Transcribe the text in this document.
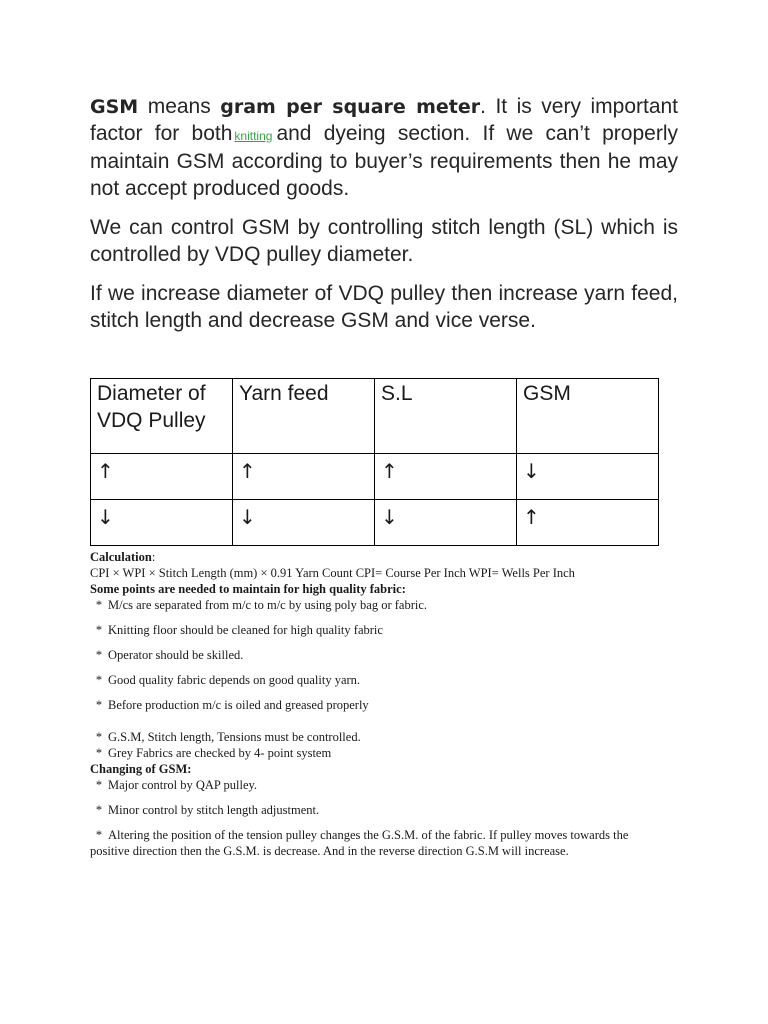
GSM means gram per square meter. It is very important factor for both knitting and dyeing section. If we can’t properly maintain GSM according to buyer’s requirements then he may not accept produced goods.

We can control GSM by controlling stitch length (SL) which is controlled by VDQ pulley diameter.

If we increase diameter of VDQ pulley then increase yarn feed, stitch length and decrease GSM and vice verse.

Diameter of VDQ Pulley	Yarn feed	S.L	GSM
↑	↑	↑	↓
↓	↓	↓	↑

Calculation:

CPI × WPI × Stitch Length (mm) × 0.91 Yarn Count CPI= Course Per Inch WPI= Wells Per Inch

Some points are needed to maintain for high quality fabric:

* M/cs are separated from m/c to m/c by using poly bag or fabric.

* Knitting floor should be cleaned for high quality fabric

* Operator should be skilled.

* Good quality fabric depends on good quality yarn.

* Before production m/c is oiled and greased properly

* G.S.M, Stitch length, Tensions must be controlled.

* Grey Fabrics are checked by 4- point system

Changing of GSM:

* Major control by QAP pulley.

* Minor control by stitch length adjustment.

* Altering the position of the tension pulley changes the G.S.M. of the fabric. If pulley moves towards the positive direction then the G.S.M. is decrease. And in the reverse direction G.S.M will increase.
